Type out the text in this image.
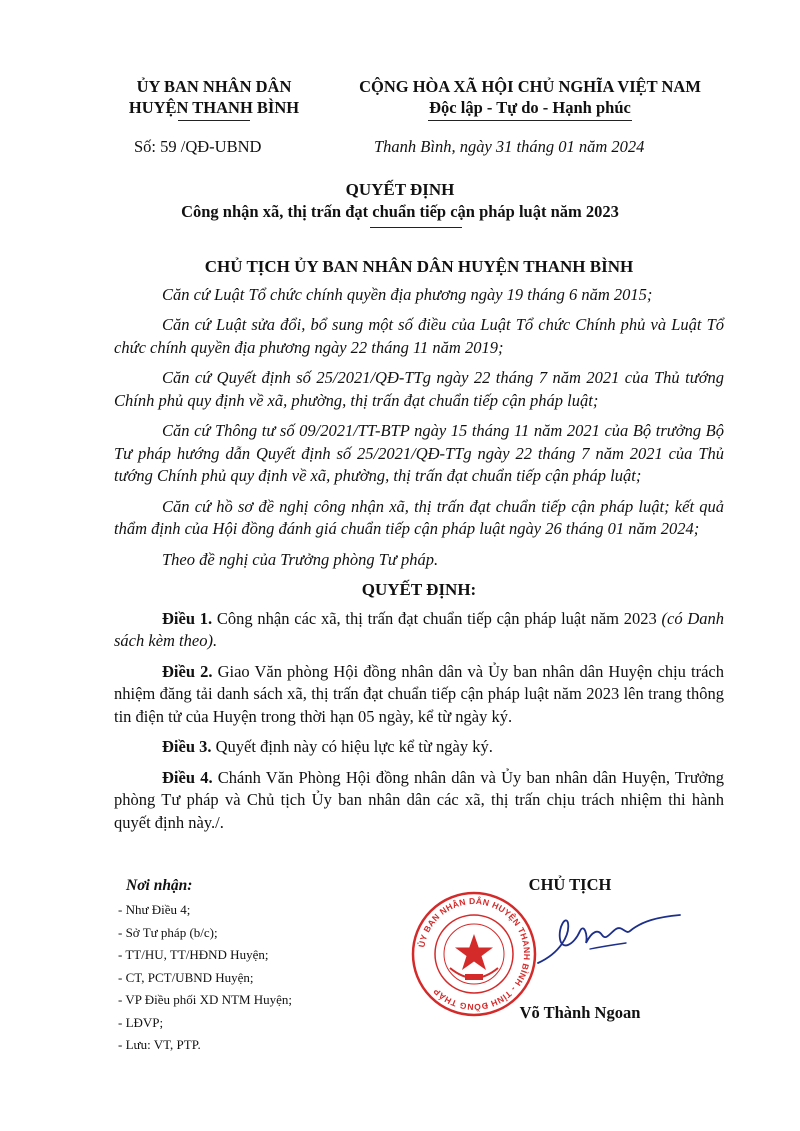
ỦY BAN NHÂN DÂN
HUYỆN THANH BÌNH
CỘNG HÒA XÃ HỘI CHỦ NGHĨA VIỆT NAM
Độc lập - Tự do - Hạnh phúc
Số: 59 /QĐ-UBND	Thanh Bình, ngày 31 tháng 01 năm 2024
QUYẾT ĐỊNH
Công nhận xã, thị trấn đạt chuẩn tiếp cận pháp luật năm 2023

CHỦ TỊCH ỦY BAN NHÂN DÂN HUYỆN THANH BÌNH

Căn cứ Luật Tổ chức chính quyền địa phương ngày 19 tháng 6 năm 2015;

Căn cứ Luật sửa đổi, bổ sung một số điều của Luật Tổ chức Chính phủ và Luật Tổ chức chính quyền địa phương ngày 22 tháng 11 năm 2019;

Căn cứ Quyết định số 25/2021/QĐ-TTg ngày 22 tháng 7 năm 2021 của Thủ tướng Chính phủ quy định về xã, phường, thị trấn đạt chuẩn tiếp cận pháp luật;

Căn cứ Thông tư số 09/2021/TT-BTP ngày 15 tháng 11 năm 2021 của Bộ trưởng Bộ Tư pháp hướng dẫn Quyết định số 25/2021/QĐ-TTg ngày 22 tháng 7 năm 2021 của Thủ tướng Chính phủ quy định về xã, phường, thị trấn đạt chuẩn tiếp cận pháp luật;

Căn cứ hồ sơ đề nghị công nhận xã, thị trấn đạt chuẩn tiếp cận pháp luật; kết quả thẩm định của Hội đồng đánh giá chuẩn tiếp cận pháp luật ngày 26 tháng 01 năm 2024;

Theo đề nghị của Trưởng phòng Tư pháp.

QUYẾT ĐỊNH:

Điều 1. Công nhận các xã, thị trấn đạt chuẩn tiếp cận pháp luật năm 2023 (có Danh sách kèm theo).

Điều 2. Giao Văn phòng Hội đồng nhân dân và Ủy ban nhân dân Huyện chịu trách nhiệm đăng tải danh sách xã, thị trấn đạt chuẩn tiếp cận pháp luật năm 2023 lên trang thông tin điện tử của Huyện trong thời hạn 05 ngày, kể từ ngày ký.

Điều 3. Quyết định này có hiệu lực kể từ ngày ký.

Điều 4. Chánh Văn Phòng Hội đồng nhân dân và Ủy ban nhân dân Huyện, Trưởng phòng Tư pháp và Chủ tịch Ủy ban nhân dân các xã, thị trấn chịu trách nhiệm thi hành quyết định này./.

Nơi nhận:
- Như Điều 4;
- Sở Tư pháp (b/c);
- TT/HU, TT/HĐND Huyện;
- CT, PCT/UBND Huyện;
- VP Điều phối XD NTM Huyện;
- LĐVP;
- Lưu: VT, PTP.
CHỦ TỊCH
ỦY BAN NHÂN DÂN HUYỆN THANH BÌNH - TỈNH ĐỒNG THÁP
Võ Thành Ngoan
